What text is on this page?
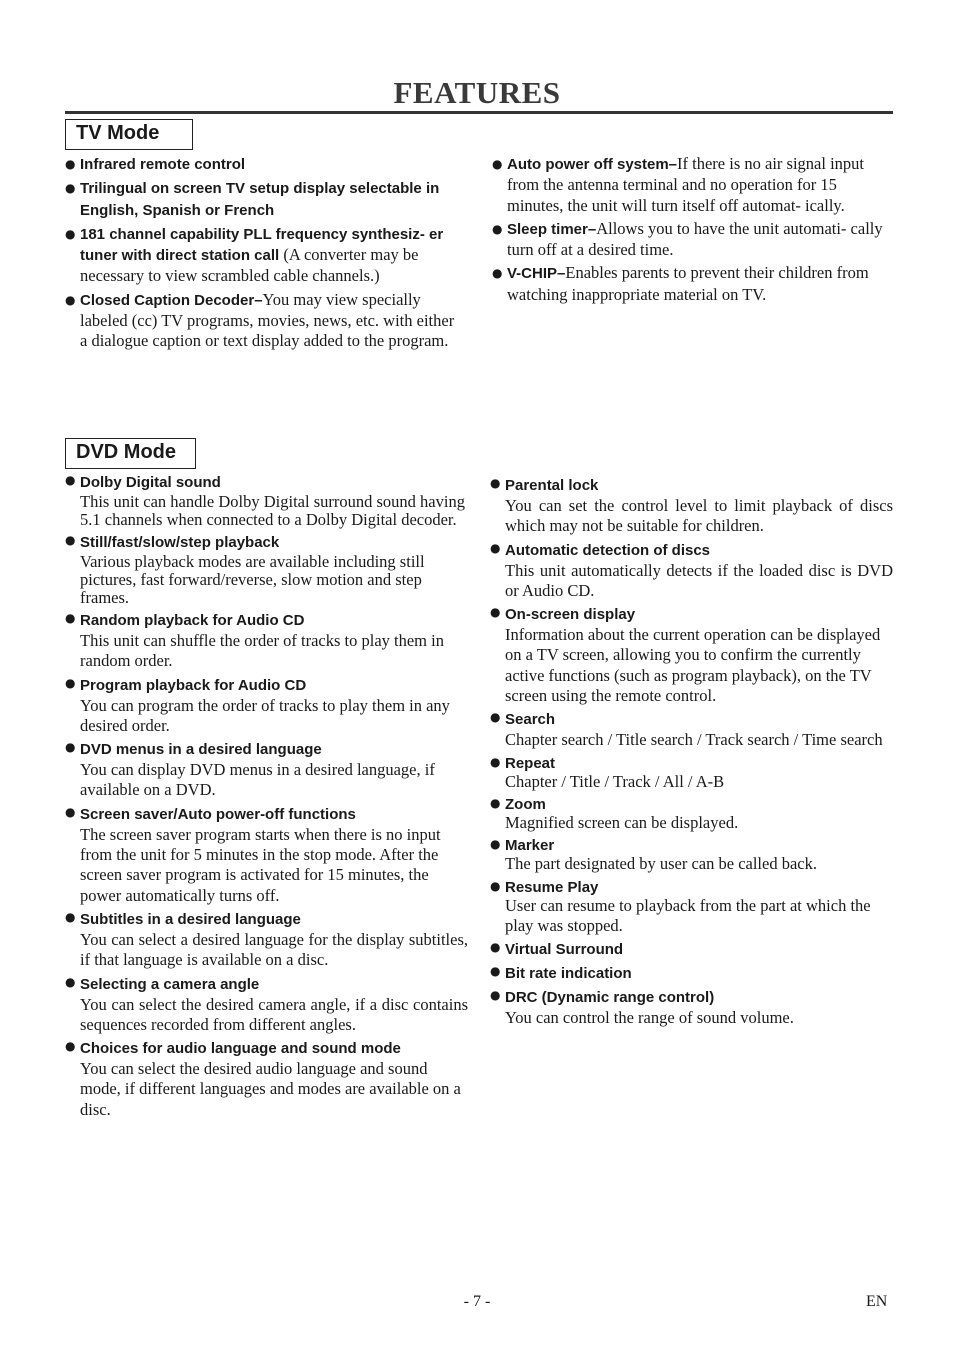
FEATURES
TV Mode
● Infrared remote control
● Trilingual on screen TV setup display selectable in English, Spanish or French
● 181 channel capability PLL frequency synthesiz- er tuner with direct station call (A converter may be necessary to view scrambled cable channels.)
● Closed Caption Decoder–You may view specially labeled (cc) TV programs, movies, news, etc. with either a dialogue caption or text display added to the program.
● Auto power off system–If there is no air signal input from the antenna terminal and no operation for 15 minutes, the unit will turn itself off automat- ically.
● Sleep timer–Allows you to have the unit automati- cally turn off at a desired time.
● V-CHIP–Enables parents to prevent their children from watching inappropriate material on TV.
DVD Mode
● Dolby Digital sound
This unit can handle Dolby Digital surround sound having 5.1 channels when connected to a Dolby Digital decoder.
● Still/fast/slow/step playback
Various playback modes are available including still pictures, fast forward/reverse, slow motion and step frames.
● Random playback for Audio CD
This unit can shuffle the order of tracks to play them in random order.
● Program playback for Audio CD
You can program the order of tracks to play them in any desired order.
● DVD menus in a desired language
You can display DVD menus in a desired language, if available on a DVD.
● Screen saver/Auto power-off functions
The screen saver program starts when there is no input from the unit for 5 minutes in the stop mode. After the screen saver program is activated for 15 minutes, the power automatically turns off.
● Subtitles in a desired language
You can select a desired language for the display subtitles, if that language is available on a disc.
● Selecting a camera angle
You can select the desired camera angle, if a disc contains sequences recorded from different angles.
● Choices for audio language and sound mode
You can select the desired audio language and sound mode, if different languages and modes are available on a disc.
● Parental lock
You can set the control level to limit playback of discs which may not be suitable for children.
● Automatic detection of discs
This unit automatically detects if the loaded disc is DVD or Audio CD.
● On-screen display
Information about the current operation can be displayed on a TV screen, allowing you to confirm the currently active functions (such as program playback), on the TV screen using the remote control.
● Search
Chapter search / Title search / Track search / Time search
● Repeat
Chapter / Title / Track / All / A-B
● Zoom
Magnified screen can be displayed.
● Marker
The part designated by user can be called back.
● Resume Play
User can resume to playback from the part at which the play was stopped.
● Virtual Surround
● Bit rate indication
● DRC (Dynamic range control)
You can control the range of sound volume.
- 7 -	EN
